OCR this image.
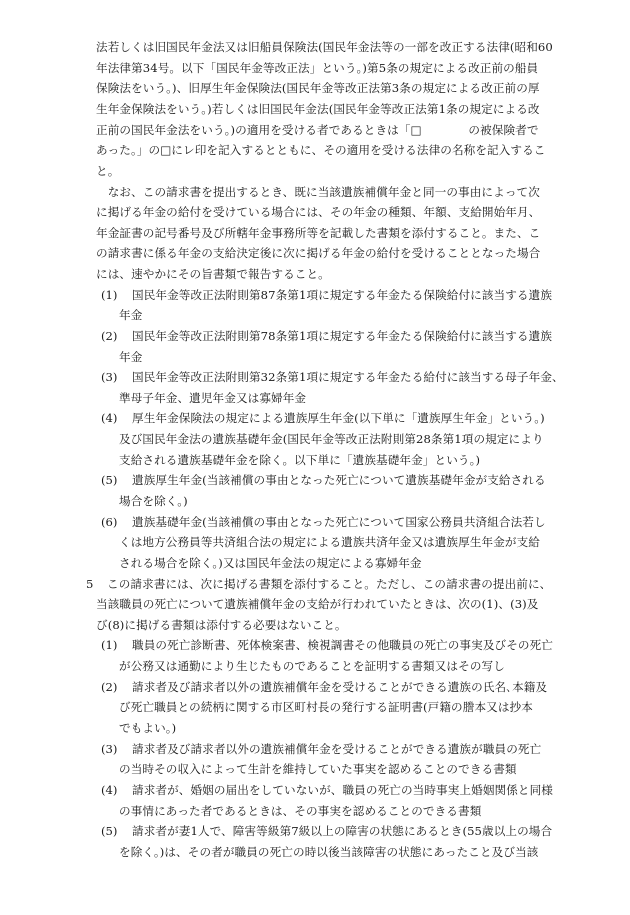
法若しくは旧国民年金法又は旧船員保険法(国民年金法等の一部を改正する法律(昭和60
年法律第34号。以下「国民年金等改正法」という。)第5条の規定による改正前の船員
保険法をいう。)、旧厚生年金保険法(国民年金等改正法第3条の規定による改正前の厚
生年金保険法をいう。)若しくは旧国民年金法(国民年金等改正法第1条の規定による改
正前の国民年金法をいう。)の適用を受ける者であるときは「□　　　　の被保険者で
あった。」の□にレ印を記入するとともに、その適用を受ける法律の名称を記入するこ
と。
　なお、この請求書を提出するとき、既に当該遺族補償年金と同一の事由によって次
に掲げる年金の給付を受けている場合には、その年金の種類、年額、支給開始年月、
年金証書の記号番号及び所轄年金事務所等を記載した書類を添付すること。また、こ
の請求書に係る年金の支給決定後に次に掲げる年金の給付を受けることとなった場合
には、速やかにその旨書類で報告すること。
(1) 国民年金等改正法附則第87条第1項に規定する年金たる保険給付に該当する遺族
年金
(2) 国民年金等改正法附則第78条第1項に規定する年金たる保険給付に該当する遺族
年金
(3) 国民年金等改正法附則第32条第1項に規定する年金たる給付に該当する母子年金、
準母子年金、遺児年金又は寡婦年金
(4) 厚生年金保険法の規定による遺族厚生年金(以下単に「遺族厚生年金」という。)
及び国民年金法の遺族基礎年金(国民年金等改正法附則第28条第1項の規定により
支給される遺族基礎年金を除く。以下単に「遺族基礎年金」という。)
(5) 遺族厚生年金(当該補償の事由となった死亡について遺族基礎年金が支給される
場合を除く。)
(6) 遺族基礎年金(当該補償の事由となった死亡について国家公務員共済組合法若し
くは地方公務員等共済組合法の規定による遺族共済年金又は遺族厚生年金が支給
される場合を除く。)又は国民年金法の規定による寡婦年金
5 この請求書には、次に掲げる書類を添付すること。ただし、この請求書の提出前に、
当該職員の死亡について遺族補償年金の支給が行われていたときは、次の(1)、(3)及
び(8)に掲げる書類は添付する必要はないこと。
(1) 職員の死亡診断書、死体検案書、検視調書その他職員の死亡の事実及びその死亡
が公務又は通勤により生じたものであることを証明する書類又はその写し
(2) 請求者及び請求者以外の遺族補償年金を受けることができる遺族の氏名､本籍及
び死亡職員との続柄に関する市区町村長の発行する証明書(戸籍の謄本又は抄本
でもよい。)
(3) 請求者及び請求者以外の遺族補償年金を受けることができる遺族が職員の死亡
の当時その収入によって生計を維持していた事実を認めることのできる書類
(4) 請求者が、婚姻の届出をしていないが、職員の死亡の当時事実上婚姻関係と同様
の事情にあった者であるときは、その事実を認めることのできる書類
(5) 請求者が妻1人で、障害等級第7級以上の障害の状態にあるとき(55歳以上の場合
を除く。)は、その者が職員の死亡の時以後当該障害の状態にあったこと及び当該
